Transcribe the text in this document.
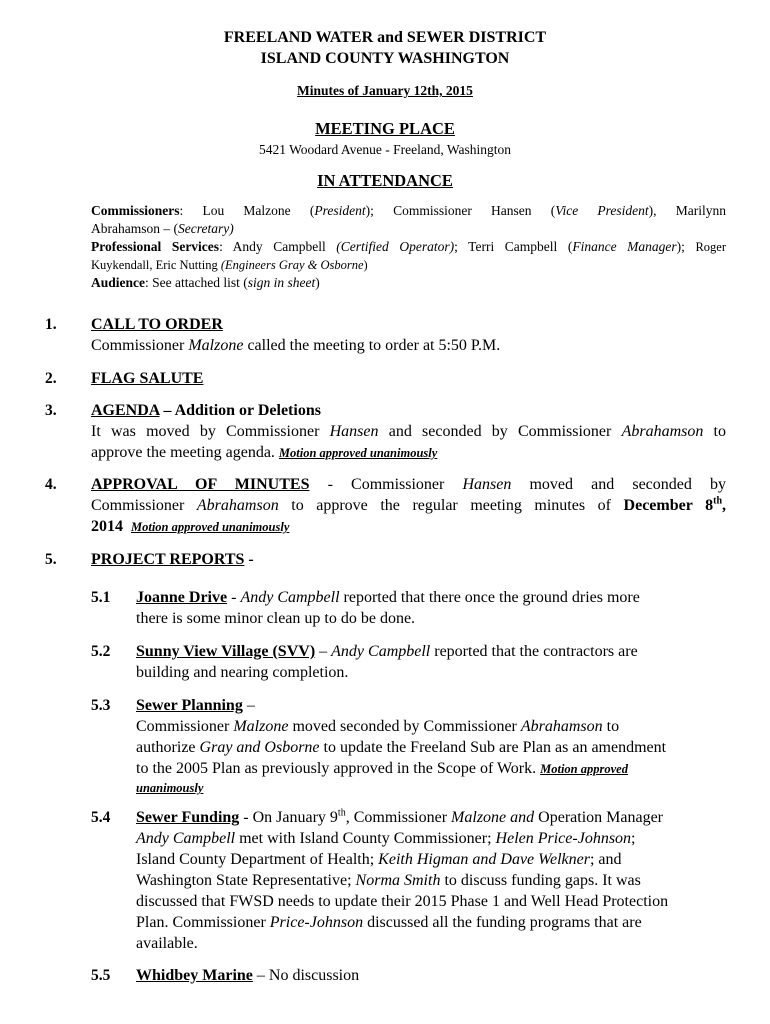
FREELAND WATER and SEWER DISTRICT
ISLAND COUNTY WASHINGTON
Minutes of January 12th, 2015
MEETING PLACE
5421 Woodard Avenue - Freeland, Washington
IN ATTENDANCE
Commissioners: Lou Malzone (President); Commissioner Hansen (Vice President), Marilynn
Abrahamson – (Secretary)
Professional Services: Andy Campbell (Certified Operator); Terri Campbell (Finance Manager); Roger
Kuykendall, Eric Nutting (Engineers Gray & Osborne)
Audience: See attached list (sign in sheet)
1. CALL TO ORDER
Commissioner Malzone called the meeting to order at 5:50 P.M.
2. FLAG SALUTE
3. AGENDA – Addition or Deletions
It was moved by Commissioner Hansen and seconded by Commissioner Abrahamson to
approve the meeting agenda. Motion approved unanimously
4. APPROVAL OF MINUTES - Commissioner Hansen moved and seconded by
Commissioner Abrahamson to approve the regular meeting minutes of December 8th,
2014 Motion approved unanimously
5. PROJECT REPORTS -
5.1 Joanne Drive - Andy Campbell reported that there once the ground dries more
there is some minor clean up to do be done.
5.2 Sunny View Village (SVV) – Andy Campbell reported that the contractors are
building and nearing completion.
5.3 Sewer Planning –
Commissioner Malzone moved seconded by Commissioner Abrahamson to
authorize Gray and Osborne to update the Freeland Sub are Plan as an amendment
to the 2005 Plan as previously approved in the Scope of Work. Motion approved
unanimously
5.4 Sewer Funding - On January 9th, Commissioner Malzone and Operation Manager
Andy Campbell met with Island County Commissioner; Helen Price-Johnson;
Island County Department of Health; Keith Higman and Dave Welkner; and
Washington State Representative; Norma Smith to discuss funding gaps. It was
discussed that FWSD needs to update their 2015 Phase 1 and Well Head Protection
Plan. Commissioner Price-Johnson discussed all the funding programs that are
available.
5.5 Whidbey Marine – No discussion
